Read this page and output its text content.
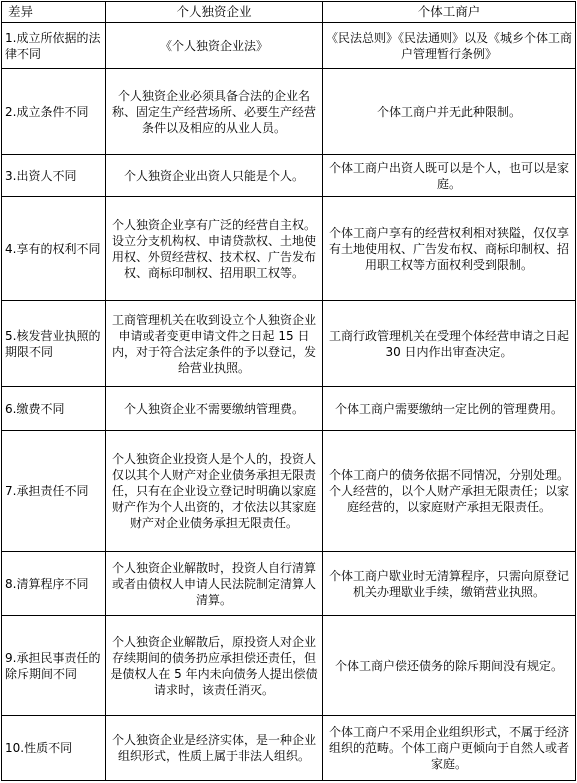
差异	个人独资企业	个体工商户
1.成立所依据的法律不同	《个人独资企业法》	《民法总则》《民法通则》以及《城乡个体工商户管理暂行条例》
2.成立条件不同	个人独资企业必须具备合法的企业名称、固定生产经营场所、必要生产经营条件以及相应的从业人员。	个体工商户并无此种限制。
3.出资人不同	个人独资企业出资人只能是个人。	个体工商户出资人既可以是个人，也可以是家庭。
4.享有的权利不同	个人独资企业享有广泛的经营自主权。设立分支机构权、申请贷款权、土地使用权、外贸经营权、技术权、广告发布权、商标印制权、招用职工权等。	个体工商户享有的经营权利相对狭隘，仅仅享有土地使用权、广告发布权、商标印制权、招用职工权等方面权利受到限制。
5.核发营业执照的期限不同	工商管理机关在收到设立个人独资企业申请或者变更申请文件之日起 15 日内，对于符合法定条件的予以登记，发给营业执照。	工商行政管理机关在受理个体经营申请之日起 30 日内作出审查决定。
6.缴费不同	个人独资企业不需要缴纳管理费。	个体工商户需要缴纳一定比例的管理费用。
7.承担责任不同	个人独资企业投资人是个人的，投资人仅以其个人财产对企业债务承担无限责任，只有在企业设立登记时明确以家庭财产作为个人出资的，才依法以其家庭财产对企业债务承担无限责任。	个体工商户的债务依据不同情况，分别处理。个人经营的，以个人财产承担无限责任；以家庭经营的，以家庭财产承担无限责任。
8.清算程序不同	个人独资企业解散时，投资人自行清算或者由债权人申请人民法院制定清算人清算。	个体工商户歇业时无清算程序，只需向原登记机关办理歇业手续，缴销营业执照。
9.承担民事责任的除斥期间不同	个人独资企业解散后，原投资人对企业存续期间的债务扔应承担偿还责任，但是债权人在 5 年内未向债务人提出偿债请求时，该责任消灭。	个体工商户偿还债务的除斥期间没有规定。
10.性质不同	个人独资企业是经济实体，是一种企业组织形式，性质上属于非法人组织。	个体工商户不采用企业组织形式，不属于经济组织的范畴。个体工商户更倾向于自然人或者家庭。
